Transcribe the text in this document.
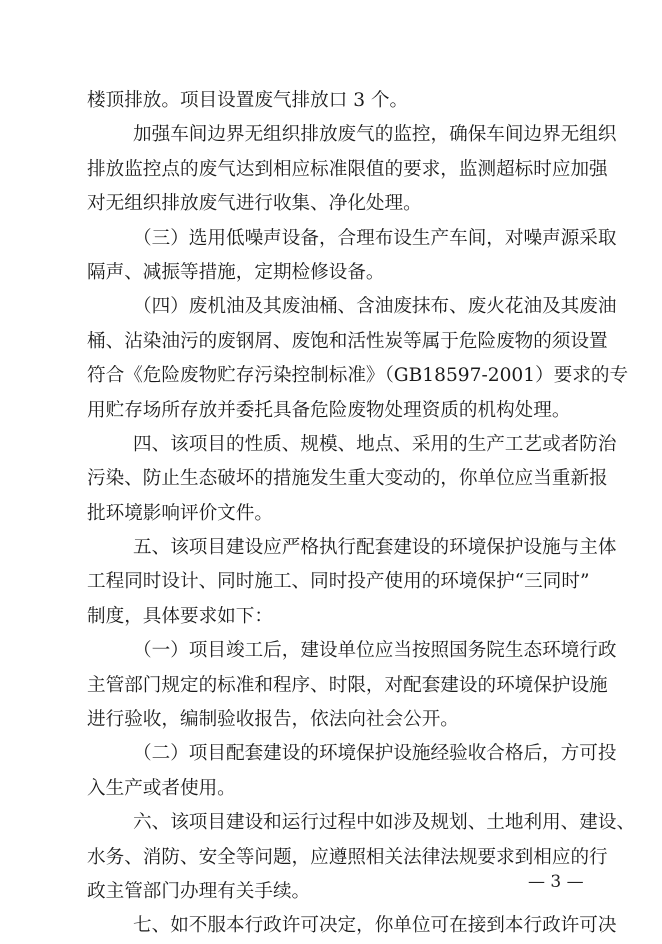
楼顶排放。项目设置废气排放口 3 个。
加强车间边界无组织排放废气的监控，确保车间边界无组织
排放监控点的废气达到相应标准限值的要求，监测超标时应加强
对无组织排放废气进行收集、净化处理。
（三）选用低噪声设备，合理布设生产车间，对噪声源采取
隔声、减振等措施，定期检修设备。
（四）废机油及其废油桶、含油废抹布、废火花油及其废油
桶、沾染油污的废钢屑、废饱和活性炭等属于危险废物的须设置
符合《危险废物贮存污染控制标准》（GB18597-2001）要求的专
用贮存场所存放并委托具备危险废物处理资质的机构处理。
四、该项目的性质、规模、地点、采用的生产工艺或者防治
污染、防止生态破坏的措施发生重大变动的，你单位应当重新报
批环境影响评价文件。
五、该项目建设应严格执行配套建设的环境保护设施与主体
工程同时设计、同时施工、同时投产使用的环境保护“三同时”
制度，具体要求如下：
（一）项目竣工后，建设单位应当按照国务院生态环境行政
主管部门规定的标准和程序、时限，对配套建设的环境保护设施
进行验收，编制验收报告，依法向社会公开。
（二）项目配套建设的环境保护设施经验收合格后，方可投
入生产或者使用。
六、该项目建设和运行过程中如涉及规划、土地利用、建设、
水务、消防、安全等问题，应遵照相关法律法规要求到相应的行
政主管部门办理有关手续。
七、如不服本行政许可决定，你单位可在接到本行政许可决
— 3 —
